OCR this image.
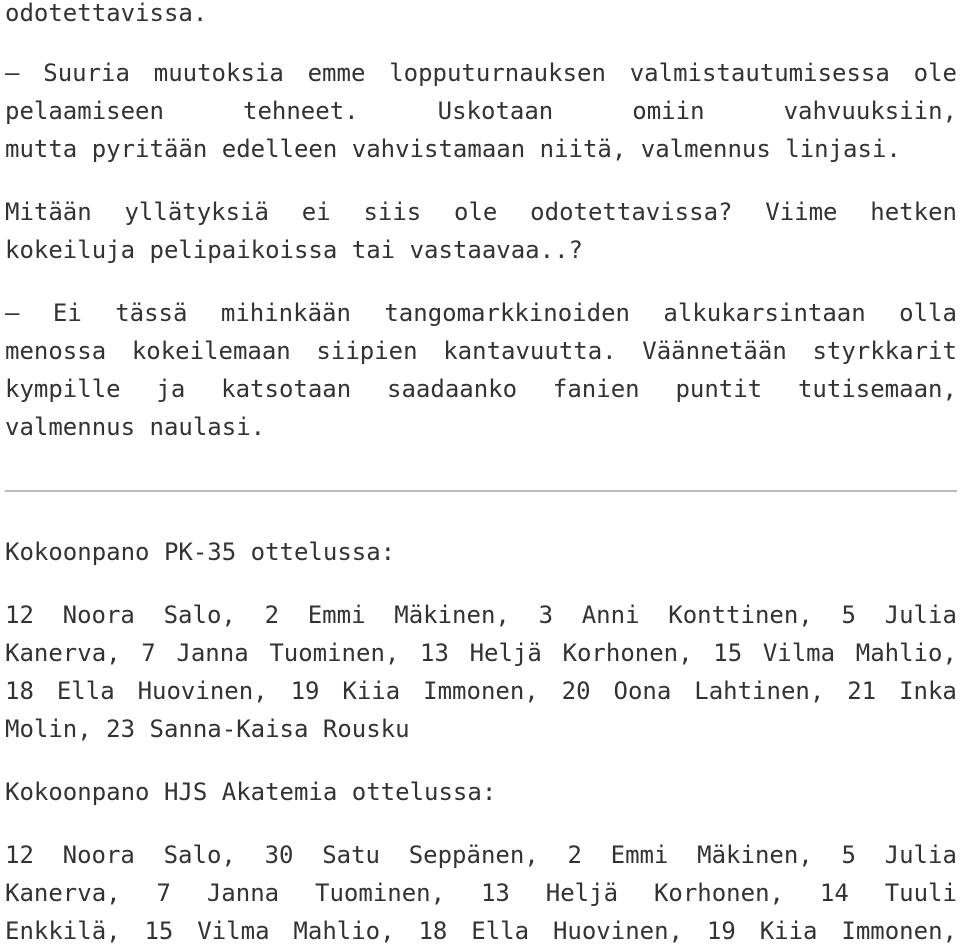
odotettavissa.
– Suuria muutoksia emme lopputurnauksen valmistautumisessa ole
pelaamiseen	tehneet.	Uskotaan	omiin	vahvuuksiin,
mutta pyritään edelleen vahvistamaan niitä, valmennus linjasi.
Mitään yllätyksiä ei siis ole odotettavissa? Viime hetken
kokeiluja pelipaikoissa tai vastaavaa..?
– Ei tässä mihinkään tangomarkkinoiden alkukarsintaan olla
menossa kokeilemaan siipien kantavuutta. Väännetään styrkkarit
kympille ja katsotaan saadaanko fanien puntit tutisemaan,
valmennus naulasi.
Kokoonpano PK-35 ottelussa:
12 Noora Salo, 2 Emmi Mäkinen, 3 Anni Konttinen, 5 Julia
Kanerva, 7 Janna Tuominen, 13 Heljä Korhonen, 15 Vilma Mahlio,
18 Ella Huovinen, 19 Kiia Immonen, 20 Oona Lahtinen, 21 Inka
Molin, 23 Sanna-Kaisa Rousku
Kokoonpano HJS Akatemia ottelussa:
12 Noora Salo, 30 Satu Seppänen, 2 Emmi Mäkinen, 5 Julia
Kanerva, 7 Janna Tuominen, 13 Heljä Korhonen, 14 Tuuli
Enkkilä, 15 Vilma Mahlio, 18 Ella Huovinen, 19 Kiia Immonen,
